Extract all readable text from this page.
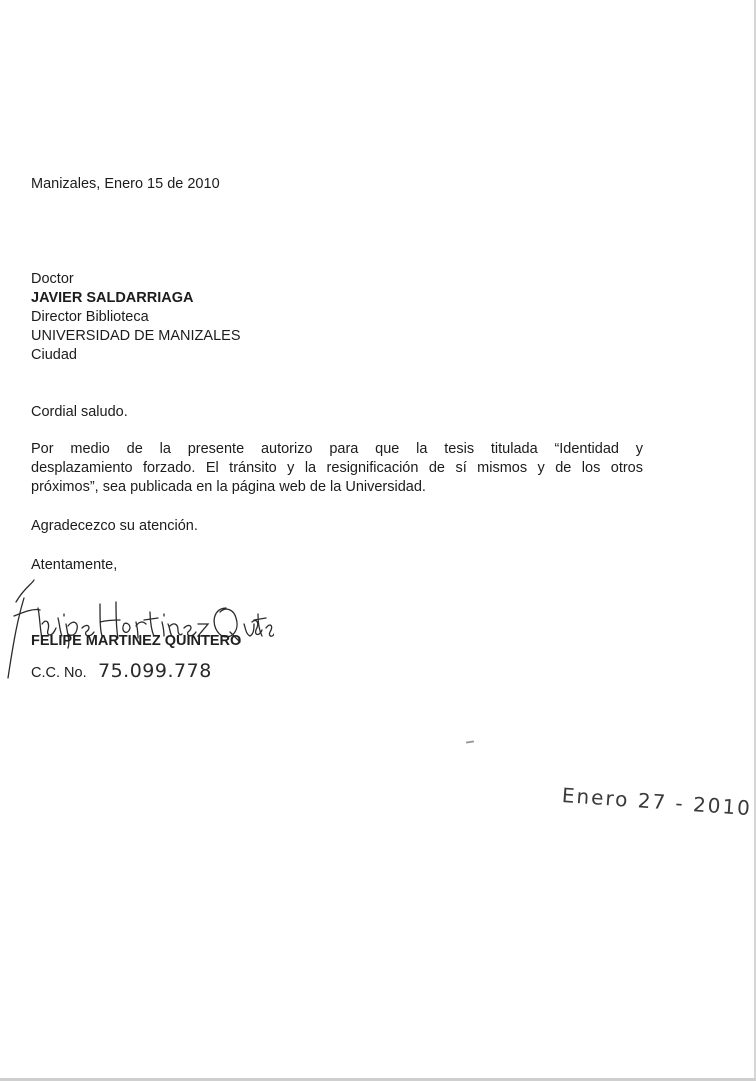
Manizales, Enero 15 de 2010
Doctor
JAVIER SALDARRIAGA
Director Biblioteca
UNIVERSIDAD DE MANIZALES
Ciudad
Cordial saludo.
Por medio de la presente autorizo para que la tesis titulada “Identidad y
desplazamiento forzado. El tránsito y la resignificación de sí mismos y de los otros
próximos”, sea publicada en la página web de la Universidad.
Agradecezco su atención.
Atentamente,
FELIPE MARTINEZ QUINTERO
C.C. No. 75.099.778
Enero 27 - 2010
